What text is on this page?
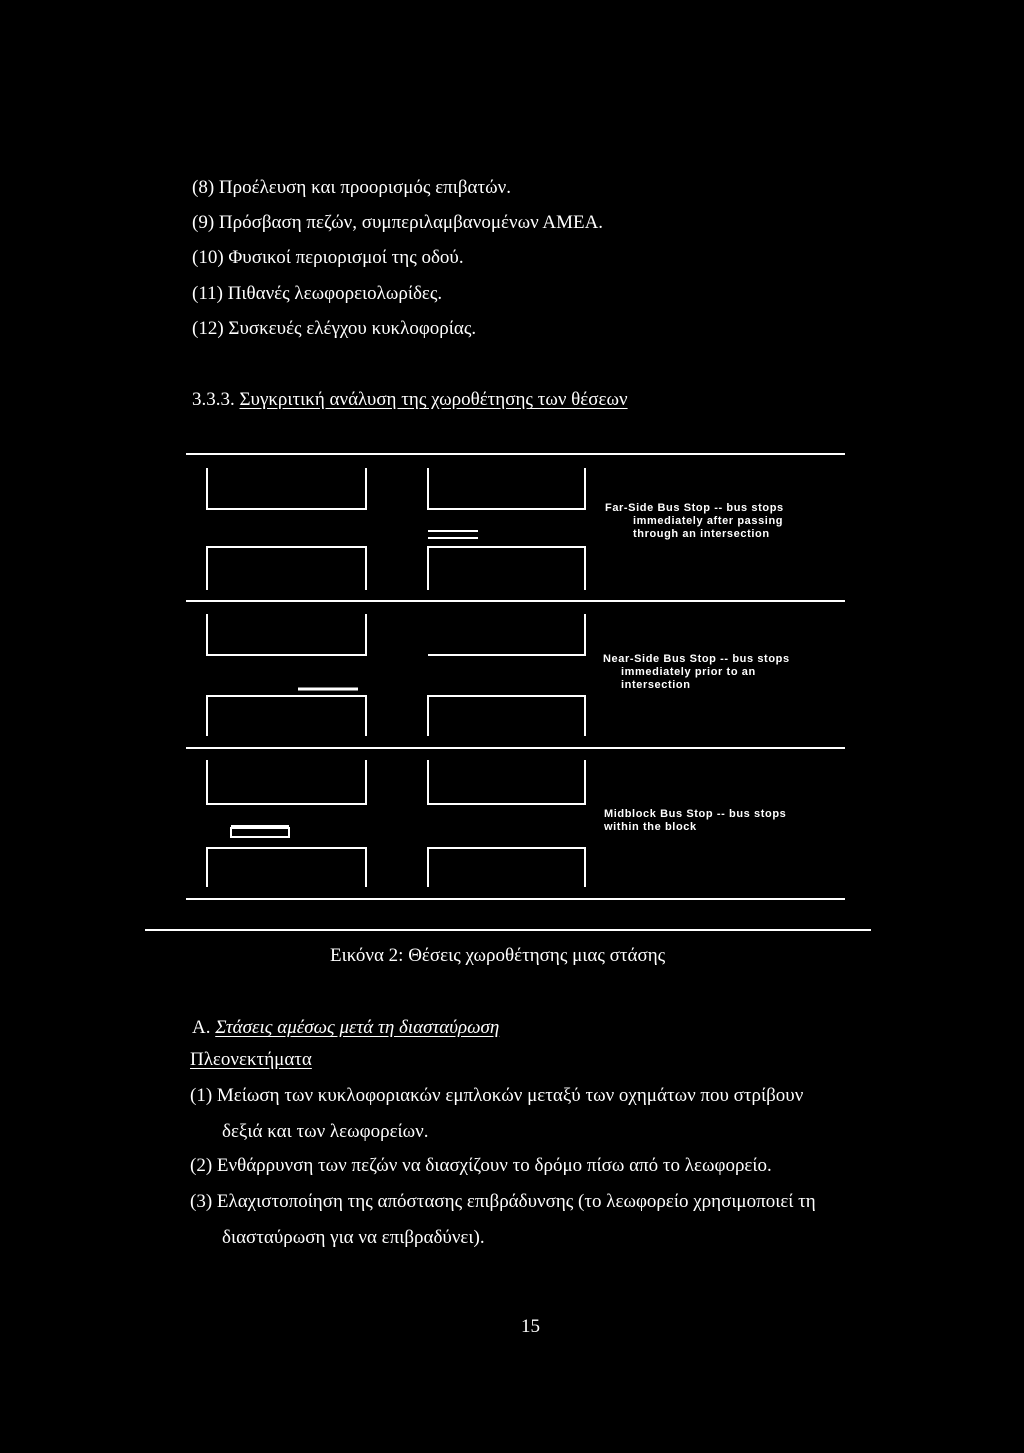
(8) Προέλευση και προορισμός επιβατών.
(9) Πρόσβαση πεζών, συμπεριλαμβανομένων ΑΜΕΑ.
(10) Φυσικοί περιορισμοί της οδού.
(11) Πιθανές λεωφορειολωρίδες.
(12) Συσκευές ελέγχου κυκλοφορίας.
3.3.3. Συγκριτική ανάλυση της χωροθέτησης των θέσεων
Far-Side Bus Stop -- bus stops
immediately after passing
through an intersection
Near-Side Bus Stop -- bus stops
immediately prior to an
intersection
Midblock Bus Stop -- bus stops
within the block
Εικόνα 2: Θέσεις χωροθέτησης μιας στάσης
Α. Στάσεις αμέσως μετά τη διασταύρωση
Πλεονεκτήματα
(1) Μείωση των κυκλοφοριακών εμπλοκών μεταξύ των οχημάτων που στρίβουν
δεξιά και των λεωφορείων.
(2) Ενθάρρυνση των πεζών να διασχίζουν το δρόμο πίσω από το λεωφορείο.
(3) Ελαχιστοποίηση της απόστασης επιβράδυνσης (το λεωφορείο χρησιμοποιεί τη
διασταύρωση για να επιβραδύνει).
15
